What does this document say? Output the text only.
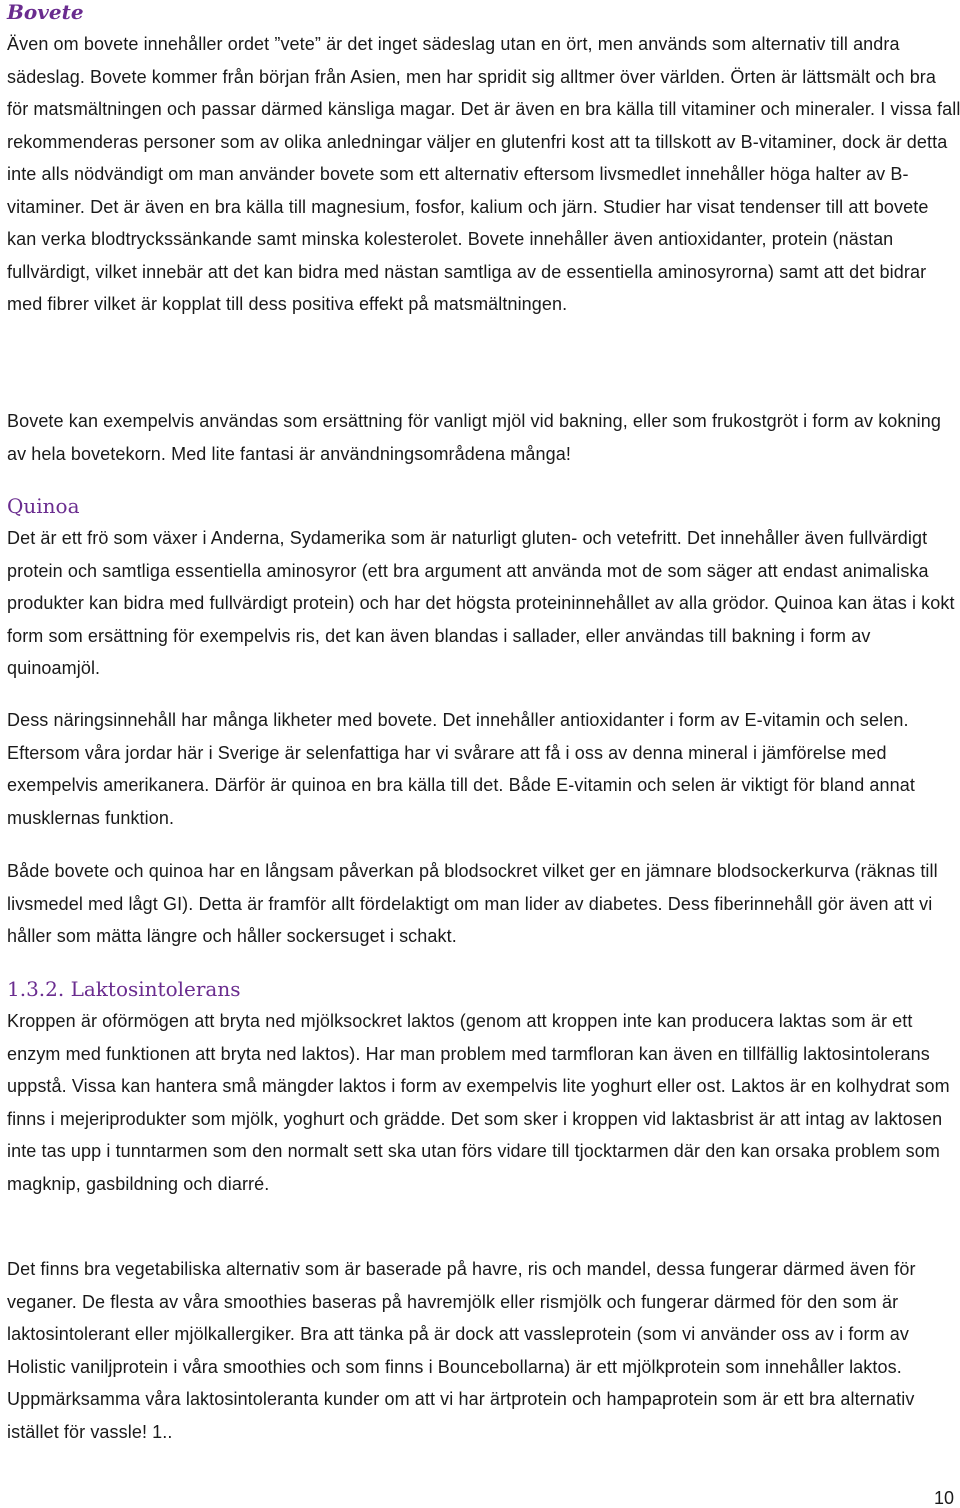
Bovete

Även om bovete innehåller ordet ”vete” är det inget sädeslag utan en ört, men används som alternativ till andra sädeslag. Bovete kommer från början från Asien, men har spridit sig alltmer över världen. Örten är lättsmält och bra för matsmältningen och passar därmed känsliga magar. Det är även en bra källa till vitaminer och mineraler. I vissa fall rekommenderas personer som av olika anledningar väljer en glutenfri kost att ta tillskott av B-vitaminer, dock är detta inte alls nödvändigt om man använder bovete som ett alternativ eftersom livsmedlet innehåller höga halter av B-vitaminer. Det är även en bra källa till magnesium, fosfor, kalium och järn. Studier har visat tendenser till att bovete kan verka blodtryckssänkande samt minska kolesterolet. Bovete innehåller även antioxidanter, protein (nästan fullvärdigt, vilket innebär att det kan bidra med nästan samtliga av de essentiella aminosyrorna) samt att det bidrar med fibrer vilket är kopplat till dess positiva effekt på matsmältningen.

Bovete kan exempelvis användas som ersättning för vanligt mjöl vid bakning, eller som frukostgröt i form av kokning av hela bovetekorn. Med lite fantasi är användningsområdena många!

Quinoa

Det är ett frö som växer i Anderna, Sydamerika som är naturligt gluten- och vetefritt. Det innehåller även fullvärdigt protein och samtliga essentiella aminosyror (ett bra argument att använda mot de som säger att endast animaliska produkter kan bidra med fullvärdigt protein) och har det högsta proteininnehållet av alla grödor. Quinoa kan ätas i kokt form som ersättning för exempelvis ris, det kan även blandas i sallader, eller användas till bakning i form av quinoamjöl.

Dess näringsinnehåll har många likheter med bovete. Det innehåller antioxidanter i form av E-vitamin och selen. Eftersom våra jordar här i Sverige är selenfattiga har vi svårare att få i oss av denna mineral i jämförelse med exempelvis amerikanera. Därför är quinoa en bra källa till det. Både E-vitamin och selen är viktigt för bland annat musklernas funktion.

Både bovete och quinoa har en långsam påverkan på blodsockret vilket ger en jämnare blodsockerkurva (räknas till livsmedel med lågt GI). Detta är framför allt fördelaktigt om man lider av diabetes. Dess fiberinnehåll gör även att vi håller som mätta längre och håller sockersuget i schakt.

1.3.2. Laktosintolerans

Kroppen är oförmögen att bryta ned mjölksockret laktos (genom att kroppen inte kan producera laktas som är ett enzym med funktionen att bryta ned laktos). Har man problem med tarmfloran kan även en tillfällig laktosintolerans uppstå. Vissa kan hantera små mängder laktos i form av exempelvis lite yoghurt eller ost. Laktos är en kolhydrat som finns i mejeriprodukter som mjölk, yoghurt och grädde. Det som sker i kroppen vid laktasbrist är att intag av laktosen inte tas upp i tunntarmen som den normalt sett ska utan förs vidare till tjocktarmen där den kan orsaka problem som magknip, gasbildning och diarré.

Det finns bra vegetabiliska alternativ som är baserade på havre, ris och mandel, dessa fungerar därmed även för veganer. De flesta av våra smoothies baseras på havremjölk eller rismjölk och fungerar därmed för den som är laktosintolerant eller mjölkallergiker. Bra att tänka på är dock att vassleprotein (som vi använder oss av i form av Holistic vaniljprotein i våra smoothies och som finns i Bouncebollarna) är ett mjölkprotein som innehåller laktos. Uppmärksamma våra laktosintoleranta kunder om att vi har ärtprotein och hampaprotein som är ett bra alternativ istället för vassle! 1..

10
